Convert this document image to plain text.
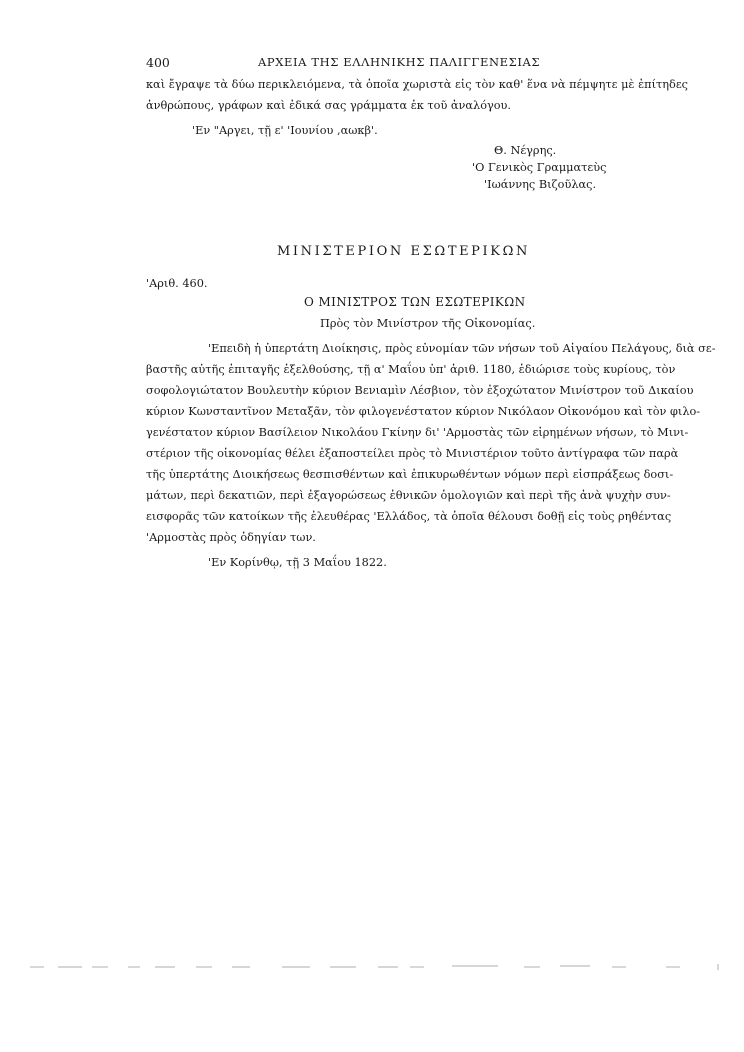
400	ΑΡΧΕΙΑ ΤΗΣ ΕΛΛΗΝΙΚΗΣ ΠΑΛΙΓΓΕΝΕΣΙΑΣ
καὶ ἔγραψε τὰ δύω περικλειόμενα, τὰ ὁποῖα χωριστὰ εἰς τὸν καθ' ἕνα νὰ πέμψητε μὲ ἐπίτηδες
ἀνθρώπους, γράφων καὶ ἐδικά σας γράμματα ἐκ τοῦ ἀναλόγου.
'Εν "Αργει, τῇ ε' 'Ιουνίου ,αωκβ'.
Θ. Νέγρης.
'Ο Γενικὸς Γραμματεὺς
'Ιωάννης Βιζοῦλας.
ΜΙΝΙΣΤΕΡΙΟΝ ΕΣΩΤΕΡΙΚΩΝ
'Αριθ. 460.
Ο ΜΙΝΙΣΤΡΟΣ ΤΩΝ ΕΣΩΤΕΡΙΚΩΝ
Πρὸς τὸν Μινίστρον τῆς Οἰκονομίας.
'Επειδὴ ἡ ὑπερτάτη Διοίκησις, πρὸς εὐνομίαν τῶν νήσων τοῦ Αἰγαίου Πελάγους, διὰ σε-
βαστῆς αὐτῆς ἐπιταγῆς ἐξελθούσης, τῇ α' Μαΐου ὑπ' ἀριθ. 1180, ἐδιώρισε τοὺς κυρίους, τὸν
σοφολογιώτατον Βουλευτὴν κύριον Βενιαμὶν Λέσβιον, τὸν ἐξοχώτατον Μινίστρον τοῦ Δικαίου
κύριον Κωνσταντῖνον Μεταξᾶν, τὸν φιλογενέστατον κύριον Νικόλαον Οἰκονόμου καὶ τὸν φιλο-
γενέστατον κύριον Βασίλειον Νικολάου Γκίνην δι' 'Αρμοστὰς τῶν εἰρημένων νήσων, τὸ Μινι-
στέριον τῆς οἰκονομίας θέλει ἐξαποστείλει πρὸς τὸ Μινιστέριον τοῦτο ἀντίγραφα τῶν παρὰ
τῆς ὑπερτάτης Διοικήσεως θεσπισθέντων καὶ ἐπικυρωθέντων νόμων περὶ εἰσπράξεως δοσι-
μάτων, περὶ δεκατιῶν, περὶ ἐξαγορώσεως ἐθνικῶν ὁμολογιῶν καὶ περὶ τῆς ἀνὰ ψυχὴν συν-
εισφορᾶς τῶν κατοίκων τῆς ἐλευθέρας 'Ελλάδος, τὰ ὁποῖα θέλουσι δοθῇ εἰς τοὺς ρηθέντας
'Αρμοστὰς πρὸς ὁδηγίαν των.
'Εν Κορίνθῳ, τῇ 3 Μαΐου 1822.
